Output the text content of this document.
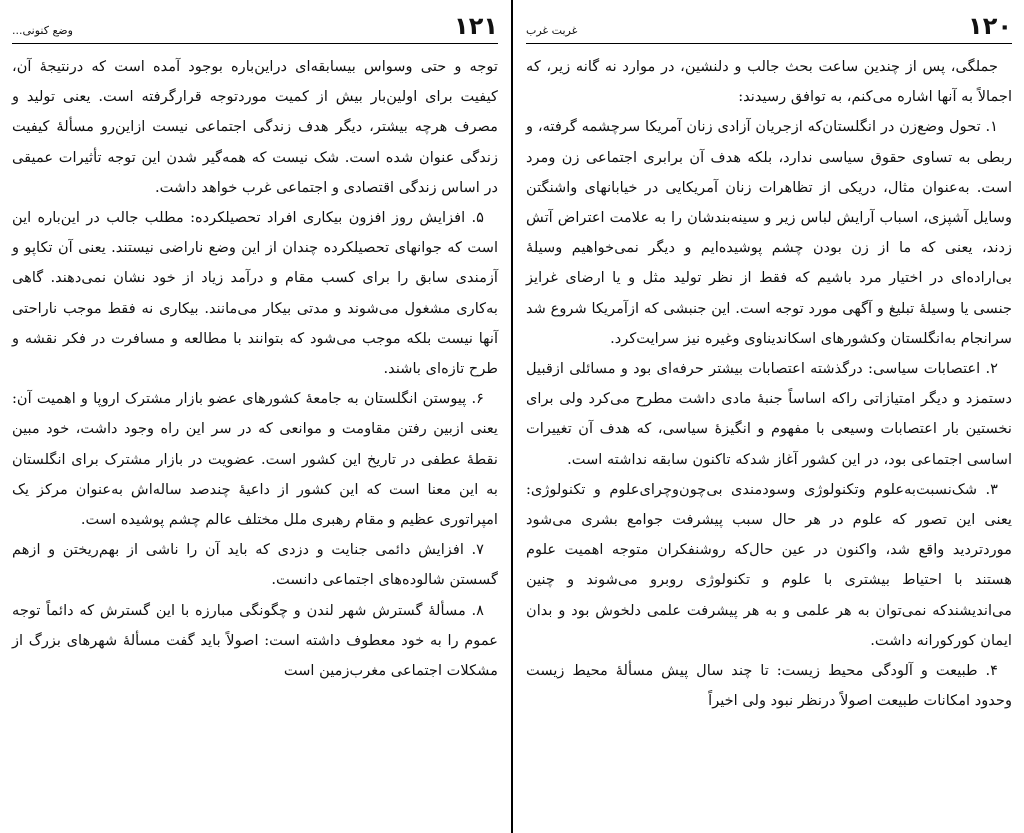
۱۲۱
وضع کنونی...

توجه و حتی وسواس بیسابقه‌ای دراین‌باره بوجود آمده است که درنتیجهٔ آن، کیفیت برای اولین‌بار بیش از کمیت موردتوجه قرارگرفته است. یعنی تولید و مصرف هرچه بیشتر، دیگر هدف زندگی اجتماعی نیست ازاین‌رو مسألهٔ کیفیت زندگی عنوان شده است. شک نیست که همه‌گیر شدن این توجه تأثیرات عمیقی در اساس زندگی اقتصادی و اجتماعی غرب خواهد داشت.

۵. افزایش روز افزون بیکاری افراد تحصیلکرده: مطلب جالب در این‌باره این است که جوانهای تحصیلکرده چندان از این وضع ناراضی نیستند. یعنی آن تکاپو و آزمندی سابق را برای کسب مقام و درآمد زیاد از خود نشان نمی‌دهند. گاهی به‌کاری مشغول می‌شوند و مدتی بیکار می‌مانند. بیکاری نه فقط موجب ناراحتی آنها نیست بلکه موجب می‌شود که بتوانند با مطالعه و مسافرت در فکر نقشه و طرح تازه‌ای باشند.

۶. پیوستن انگلستان به جامعهٔ کشورهای عضو بازار مشترک اروپا و اهمیت آن: یعنی ازبین رفتن مقاومت و موانعی که در سر این راه وجود داشت، خود مبین نقطهٔ عطفی در تاریخ این کشور است. عضویت در بازار مشترک برای انگلستان به این معنا است که این کشور از داعیهٔ چندصد ساله‌اش به‌عنوان مرکز یک امپراتوری عظیم و مقام رهبری ملل مختلف عالم چشم پوشیده است.

۷. افزایش دائمی جنایت و دزدی که باید آن را ناشی از بهم‌ریختن و ازهم گسستن شالوده‌های اجتماعی دانست.

۸. مسألهٔ گسترش شهر لندن و چگونگی مبارزه با این گسترش که دائماً توجه عموم را به خود معطوف داشته است: اصولاً باید گفت مسألهٔ شهرهای بزرگ از مشکلات اجتماعی مغرب‌زمین است

۱۲۰
غربت غرب

جملگی، پس از چندین ساعت بحث جالب و دلنشین، در موارد نه گانه زیر، که اجمالاً به آنها اشاره می‌کنم، به توافق رسیدند:

۱. تحول وضع‌زن در انگلستان‌که ازجریان آزادی زنان آمریکا سرچشمه گرفته، و ربطی به تساوی حقوق سیاسی ندارد، بلکه هدف آن برابری اجتماعی زن ومرد است. به‌عنوان مثال، دریکی از تظاهرات زنان آمریکایی در خیابانهای واشنگتن وسایل آشپزی، اسباب آرایش لباس زیر و سینه‌بندشان را به علامت اعتراض آتش زدند، یعنی که ما از زن بودن چشم پوشیده‌ایم و دیگر نمی‌خواهیم وسیلهٔ بی‌اراده‌ای در اختیار مرد باشیم که فقط از نظر تولید مثل و یا ارضای غرایز جنسی یا وسیلهٔ تبلیغ و آگهی مورد توجه است. این جنبشی که ازآمریکا شروع شد سرانجام به‌انگلستان وکشورهای اسکاندیناوی وغیره نیز سرایت‌کرد.

۲. اعتصابات سیاسی: درگذشته اعتصابات بیشتر حرفه‌ای بود و مسائلی ازقبیل دستمزد و دیگر امتیازاتی راکه اساساً جنبهٔ مادی داشت مطرح می‌کرد ولی برای نخستین بار اعتصابات وسیعی با مفهوم و انگیزهٔ سیاسی، که هدف آن تغییرات اساسی اجتماعی بود، در این کشور آغاز شدکه تاکنون سابقه نداشته است.

۳. شک‌نسبت‌به‌علوم وتکنولوژی وسودمندی بی‌چون‌وچرای‌علوم و تکنولوژی: یعنی این تصور که علوم در هر حال سبب پیشرفت جوامع بشری می‌شود موردتردید واقع شد، واکنون در عین حال‌که روشنفکران متوجه اهمیت علوم هستند با احتیاط بیشتری با علوم و تکنولوژی روبرو می‌شوند و چنین می‌اندیشندکه نمی‌توان به هر علمی و به هر پیشرفت علمی دلخوش بود و بدان ایمان کورکورانه داشت.

۴. طبیعت و آلودگی محیط زیست: تا چند سال پیش مسألهٔ محیط زیست وحدود امکانات طبیعت اصولاً درنظر نبود ولی اخیراً
